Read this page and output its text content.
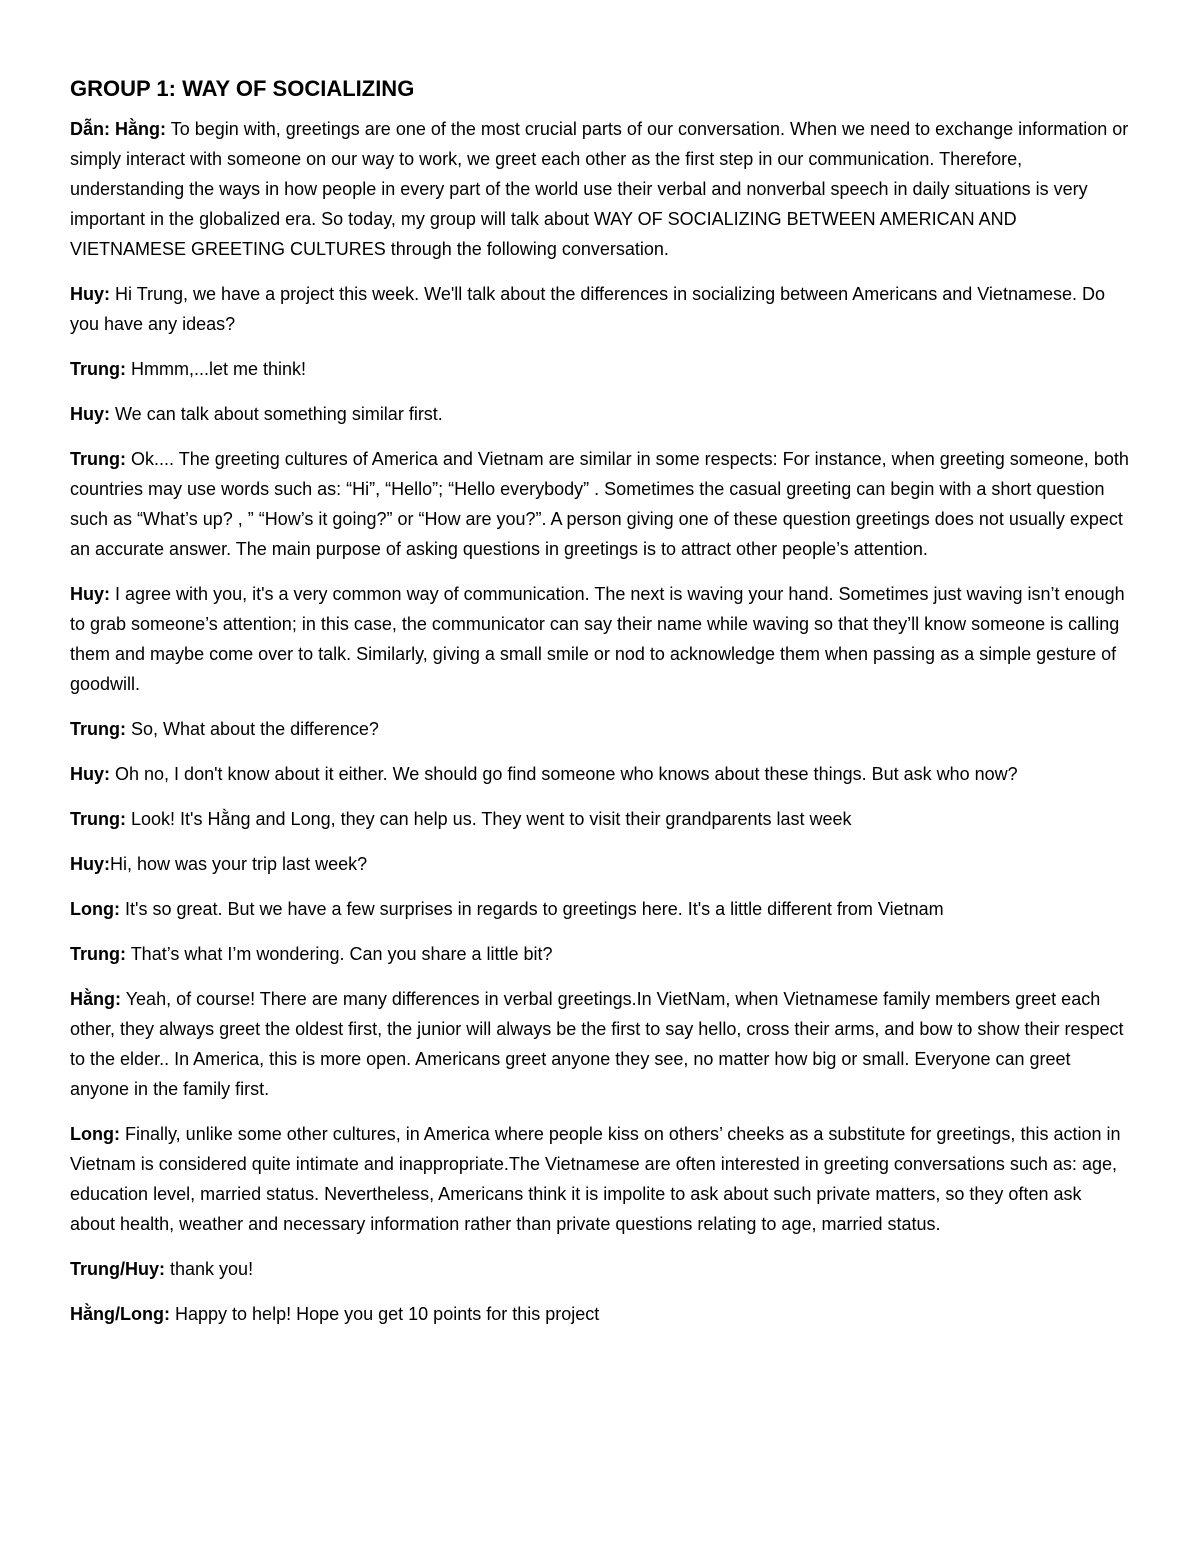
GROUP 1: WAY OF SOCIALIZING

Dẫn: Hằng: To begin with, greetings are one of the most crucial parts of our conversation. When we need to exchange information or simply interact with someone on our way to work, we greet each other as the first step in our communication. Therefore, understanding the ways in how people in every part of the world use their verbal and nonverbal speech in daily situations is very important in the globalized era. So today, my group will talk about WAY OF SOCIALIZING BETWEEN AMERICAN AND VIETNAMESE GREETING CULTURES through the following conversation.

Huy: Hi Trung, we have a project this week. We'll talk about the differences in socializing between Americans and Vietnamese. Do you have any ideas?

Trung: Hmmm,...let me think!

Huy: We can talk about something similar first.

Trung: Ok.... The greeting cultures of America and Vietnam are similar in some respects: For instance, when greeting someone, both countries may use words such as: “Hi”, “Hello”; “Hello everybody” . Sometimes the casual greeting can begin with a short question such as “What’s up? , ” “How’s it going?” or “How are you?”. A person giving one of these question greetings does not usually expect an accurate answer. The main purpose of asking questions in greetings is to attract other people’s attention.

Huy: I agree with you, it's a very common way of communication. The next is waving your hand. Sometimes just waving isn’t enough to grab someone’s attention; in this case, the communicator can say their name while waving so that they’ll know someone is calling them and maybe come over to talk. Similarly, giving a small smile or nod to acknowledge them when passing as a simple gesture of goodwill.

Trung: So, What about the difference?

Huy: Oh no, I don't know about it either. We should go find someone who knows about these things. But ask who now?

Trung: Look! It's Hằng and Long, they can help us. They went to visit their grandparents last week

Huy:Hi, how was your trip last week?

Long: It's so great. But we have a few surprises in regards to greetings here. It's a little different from Vietnam

Trung: That’s what I’m wondering. Can you share a little bit?

Hằng: Yeah, of course! There are many differences in verbal greetings.In VietNam, when Vietnamese family members greet each other, they always greet the oldest first, the junior will always be the first to say hello, cross their arms, and bow to show their respect to the elder.. In America, this is more open. Americans greet anyone they see, no matter how big or small. Everyone can greet anyone in the family first.

Long: Finally, unlike some other cultures, in America where people kiss on others’ cheeks as a substitute for greetings, this action in Vietnam is considered quite intimate and inappropriate.The Vietnamese are often interested in greeting conversations such as: age, education level, married status. Nevertheless, Americans think it is impolite to ask about such private matters, so they often ask about health, weather and necessary information rather than private questions relating to age, married status.

Trung/Huy: thank you!

Hằng/Long: Happy to help! Hope you get 10 points for this project
